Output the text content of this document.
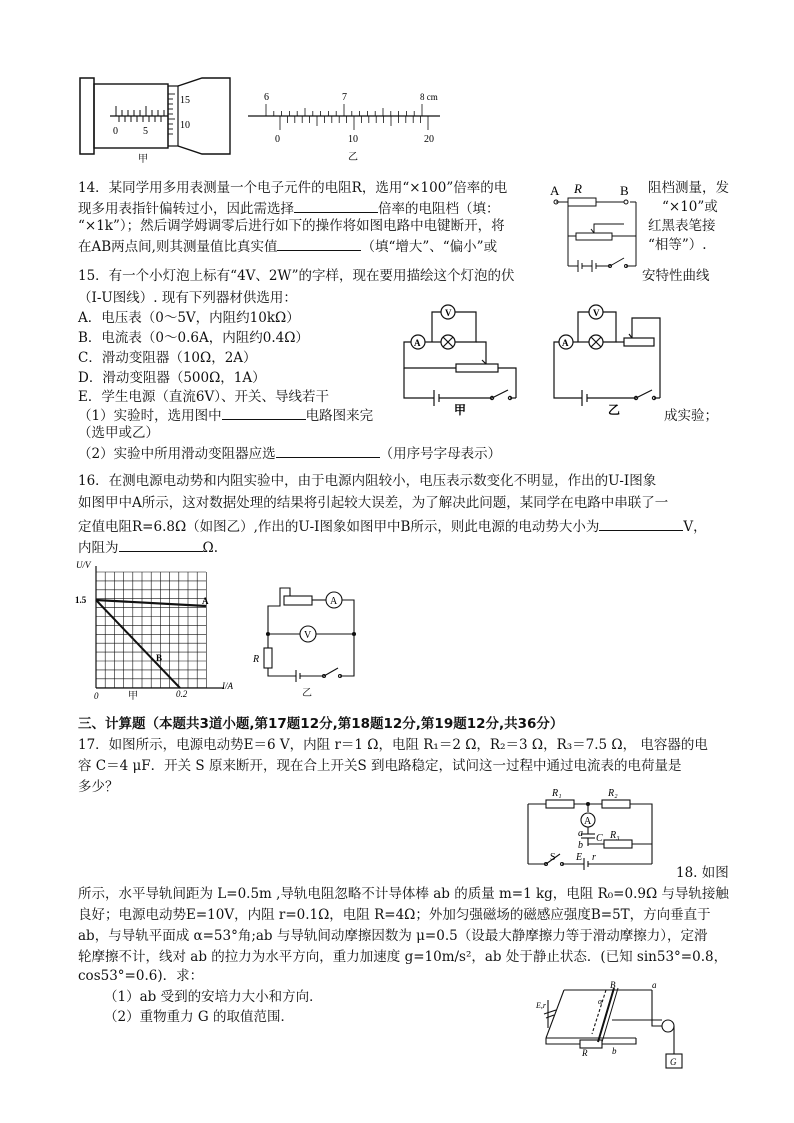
15
10
0	5
甲
6	7	8 cm
0	10	20
乙
14．某同学用多用表测量一个电子元件的电阻R，选用“×100”倍率的电	阻档测量，发
现多用表指针偏转过小，因此需选择	倍率的电阻档（填：	“×10”或
“×1k”）；然后调学姆调零后进行如下的操作将如图电路中电键断开，将	红黑表笔接
在AB两点间,则其测量值比真实值	（填“增大”、“偏小”或	“相等”）.
A R	B
15．有一个小灯泡上标有“4V、2W”的字样，现在要用描绘这个灯泡的伏	安特性曲线
（I-U图线）. 现有下列器材供选用：
A．电压表（0～5V，内阻约10kΩ）
B．电流表（0～0.6A，内阻约0.4Ω）
C．滑动变阻器（10Ω，2A）
D．滑动变阻器（500Ω，1A）
E．学生电源（直流6V）、开关、导线若干
（1）实验时，选用图中	电路图来完	成实验；
（选甲或乙）
（2）实验中所用滑动变阻器应选	（用序号字母表示）
A
V
甲
A
V
乙
16．在测电源电动势和内阻实验中，由于电源内阻较小，电压表示数变化不明显，作出的U-I图象
如图甲中A所示，这对数据处理的结果将引起较大误差，为了解决此问题，某同学在电路中串联了一
定值电阻R=6.8Ω（如图乙）,作出的U-I图象如图甲中B所示，则此电源的电动势大小为	V，
内阻为	Ω.
U/V
1.5
0	0.2
I/A
A
B
甲
A
V
R
乙
三、计算题（本题共3道小题,第17题12分,第18题12分,第19题12分,共36分）
17．如图所示，电源电动势E＝6 V，内阻 r＝1 Ω，电阻 R₁＝2 Ω，R₂＝3 Ω，R₃＝7.5 Ω， 电容器的电
容 C＝4 μF．开关 S 原来断开，现在合上开关S 到电路稳定，试问这一过程中通过电流表的电荷量是
多少？	R₁	R₂
A
a C
b
R₃
S E r
18. 如图
所示，水平导轨间距为 L=0.5m ,导轨电阻忽略不计导体棒 ab 的质量 m=1 kg，电阻 R₀=0.9Ω 与导轨接触
良好；电源电动势E=10V，内阻 r=0.1Ω，电阻 R=4Ω；外加匀强磁场的磁感应强度B=5T，方向垂直于
ab，与导轨平面成 α=53°角;ab 与导轨间动摩擦因数为 μ=0.5（设最大静摩擦力等于滑动摩擦力），定滑
轮摩擦不计，线对 ab 的拉力为水平方向，重力加速度 g=10m/s²，ab 处于静止状态．(已知 sin53°=0.8，
cos53°=0.6)．求：
（1）ab 受到的安培力大小和方向．
（2）重物重力 G 的取值范围．
B	a
α
E,r
R	b
G
